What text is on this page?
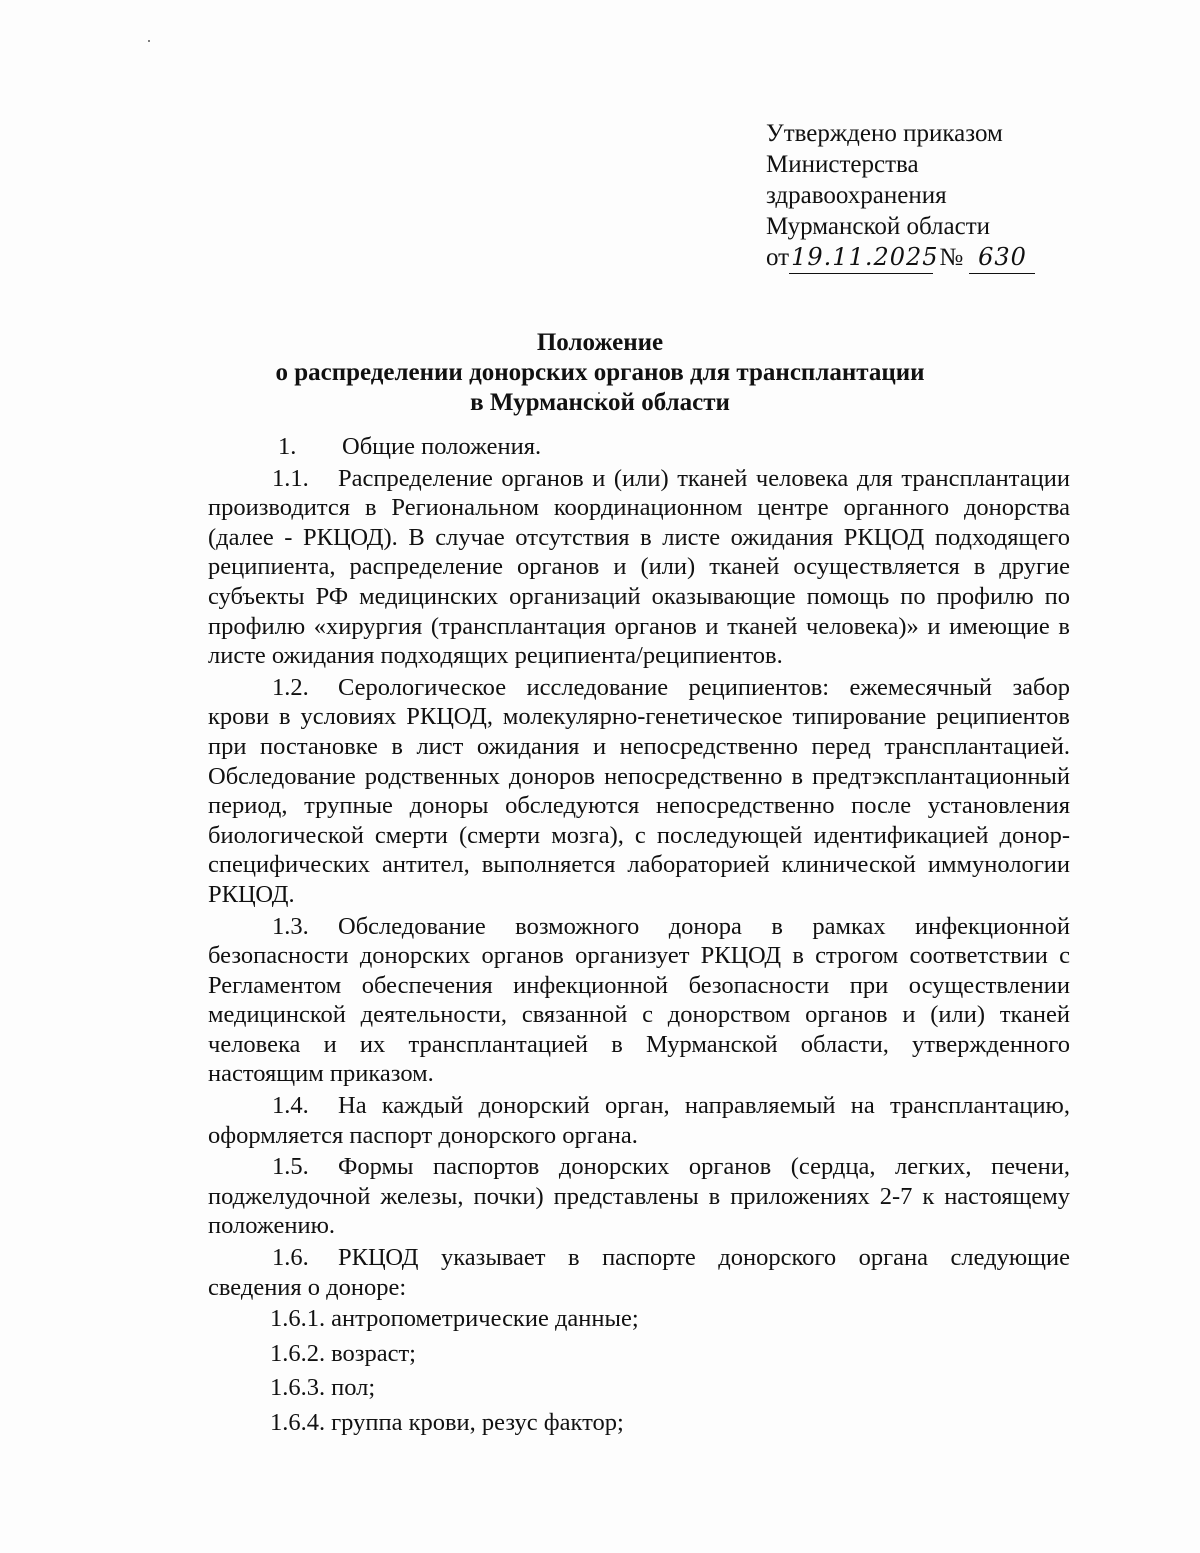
Утверждено приказом
Министерства
здравоохранения
Мурманской области
от19.11.2025 № 630
Положение
о распределении донорских органов для трансплантации
в Мурманской области
1. Общие положения.

1.1. Распределение органов и (или) тканей человека для трансплантации производится в Региональном координационном центре органного донорства (далее - РКЦОД). В случае отсутствия в листе ожидания РКЦОД подходящего реципиента, распределение органов и (или) тканей осуществляется в другие субъекты РФ медицинских организаций оказывающие помощь по профилю по профилю «хирургия (трансплантация органов и тканей человека)» и имеющие в листе ожидания подходящих реципиента/реципиентов.

1.2. Серологическое исследование реципиентов: ежемесячный забор крови в условиях РКЦОД, молекулярно-генетическое типирование реципиентов при постановке в лист ожидания и непосредственно перед трансплантацией. Обследование родственных доноров непосредственно в предтэксплантационный период, трупные доноры обследуются непосредственно после установления биологической смерти (смерти мозга), с последующей идентификацией донор-специфических антител, выполняется лабораторией клинической иммунологии РКЦОД.

1.3. Обследование возможного донора в рамках инфекционной безопасности донорских органов организует РКЦОД в строгом соответствии с Регламентом обеспечения инфекционной безопасности при осуществлении медицинской деятельности, связанной с донорством органов и (или) тканей человека и их трансплантацией в Мурманской области, утвержденного настоящим приказом.

1.4. На каждый донорский орган, направляемый на трансплантацию, оформляется паспорт донорского органа.

1.5. Формы паспортов донорских органов (сердца, легких, печени, поджелудочной железы, почки) представлены в приложениях 2-7 к настоящему положению.

1.6. РКЦОД указывает в паспорте донорского органа следующие сведения о доноре:

1.6.1. антропометрические данные;
1.6.2. возраст;
1.6.3. пол;
1.6.4. группа крови, резус фактор;
